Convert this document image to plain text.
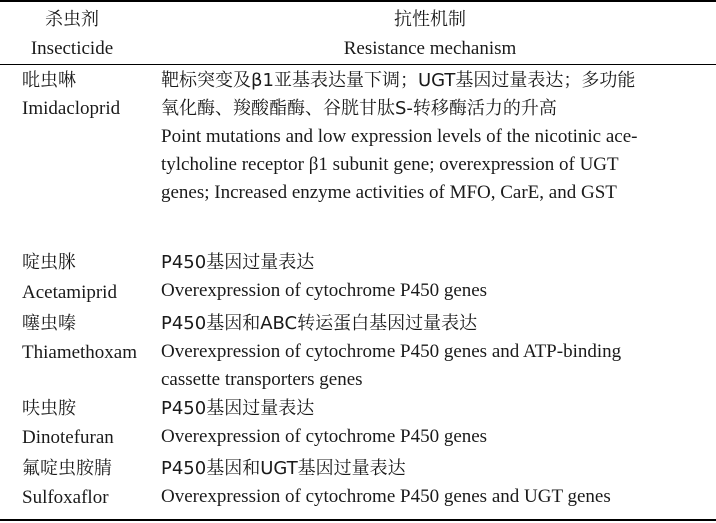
杀虫剂
Insecticide
抗性机制
Resistance mechanism
吡虫啉
Imidacloprid
靶标突变及β1亚基表达量下调；UGT基因过量表达；多功能
氧化酶、羧酸酯酶、谷胱甘肽S-转移酶活力的升高
Point mutations and low expression levels of the nicotinic ace-
tylcholine receptor β1 subunit gene; overexpression of UGT
genes; Increased enzyme activities of MFO, CarE, and GST
啶虫脒
Acetamiprid
P450基因过量表达
Overexpression of cytochrome P450 genes
噻虫嗪
Thiamethoxam
P450基因和ABC转运蛋白基因过量表达
Overexpression of cytochrome P450 genes and ATP-binding
cassette transporters genes
呋虫胺
Dinotefuran
P450基因过量表达
Overexpression of cytochrome P450 genes
氟啶虫胺腈
Sulfoxaflor
P450基因和UGT基因过量表达
Overexpression of cytochrome P450 genes and UGT genes
